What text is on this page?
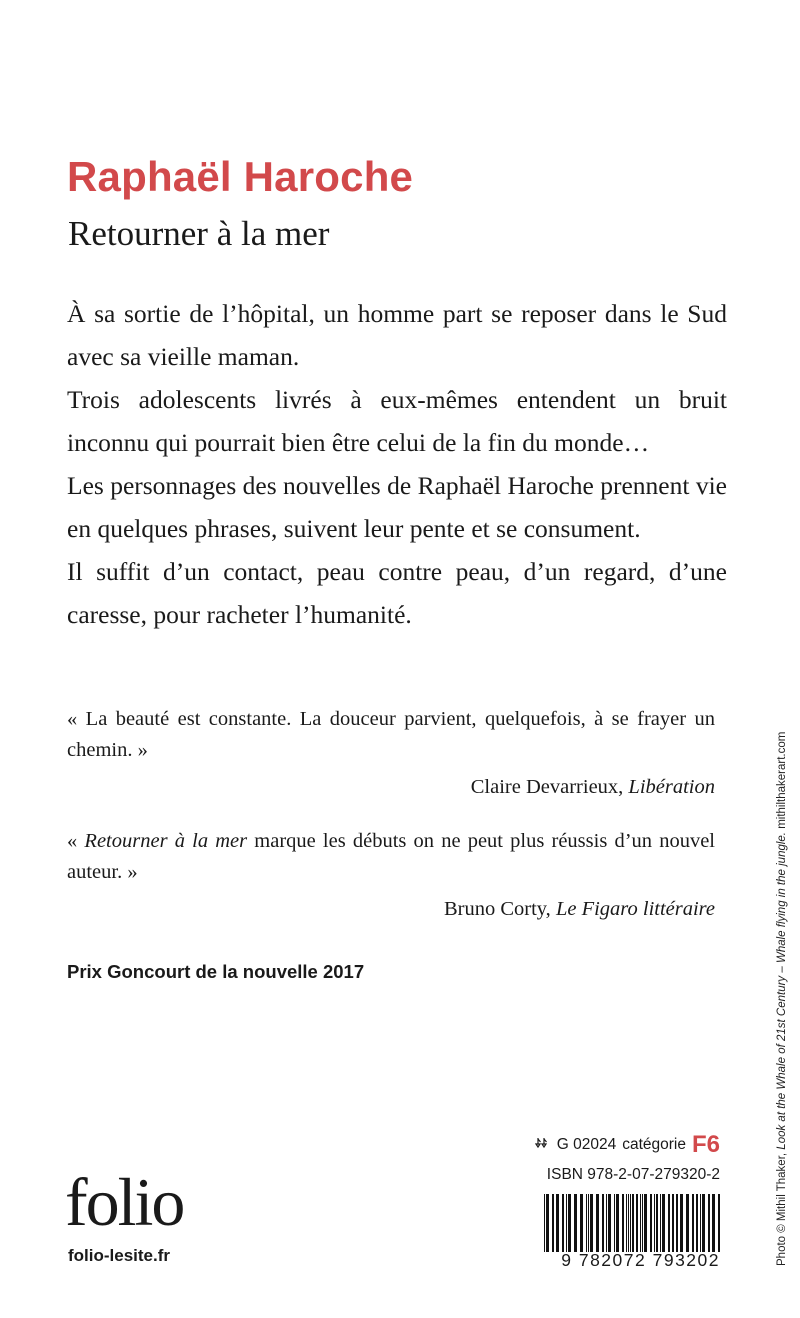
Raphaël Haroche
Retourner à la mer

À sa sortie de l’hôpital, un homme part se reposer dans le Sud avec sa vieille maman.

Trois adolescents livrés à eux-mêmes entendent un bruit inconnu qui pourrait bien être celui de la fin du monde…

Les personnages des nouvelles de Raphaël Haroche prennent vie en quelques phrases, suivent leur pente et se consument.

Il suffit d’un contact, peau contre peau, d’un regard, d’une caresse, pour racheter l’humanité.

« La beauté est constante. La douceur parvient, quelquefois, à se frayer un chemin. »

Claire Devarrieux, Libération

« Retourner à la mer marque les débuts on ne peut plus réussis d’un nouvel auteur. »

Bruno Corty, Le Figaro littéraire

Prix Goncourt de la nouvelle 2017
folio
folio-lesite.fr
G 02024 catégorie F6
ISBN 978-2-07-279320-2
9 782072 793202	Photo © Mithil Thaker, Look at the Whale of 21st Century – Whale flying in the jungle. mithilthakerart.com
